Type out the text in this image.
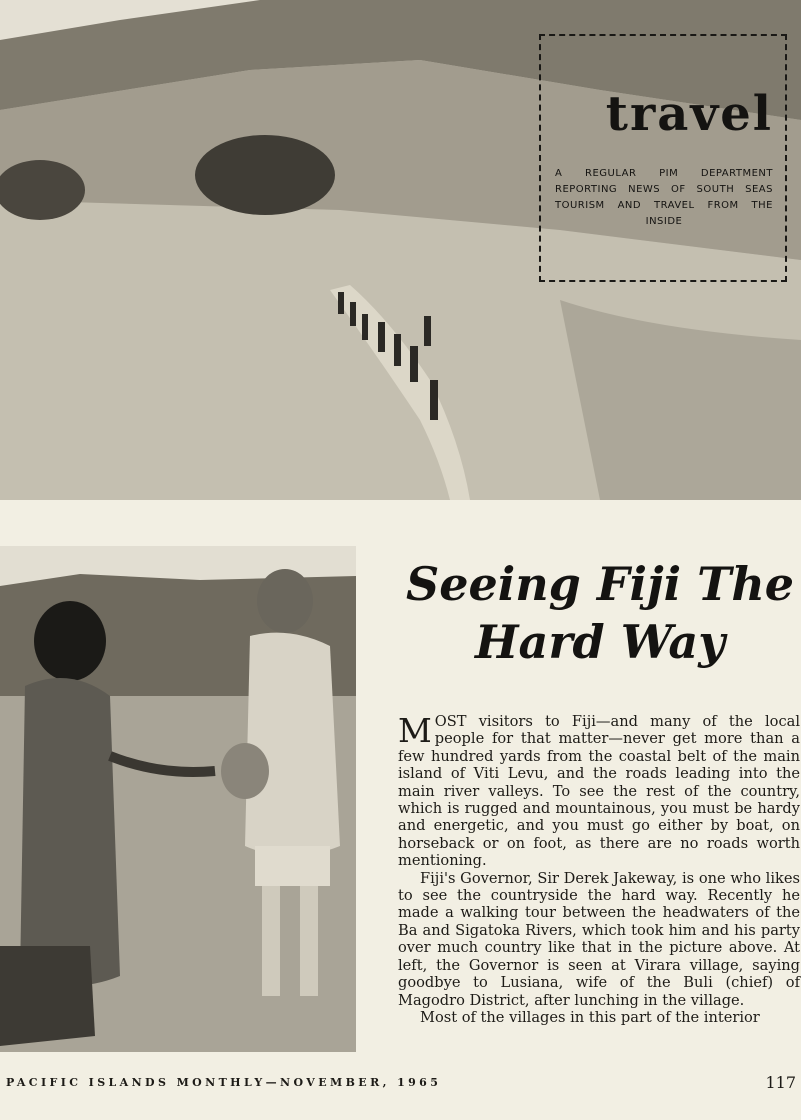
travel
A REGULAR PIM DEPARTMENT REPORTING NEWS OF SOUTH SEAS TOURISM AND TRAVEL FROM THE INSIDE
Seeing Fiji The
Hard Way

MOST visitors to Fiji—and many of the local people for that matter—never get more than a few hundred yards from the coastal belt of the main island of Viti Levu, and the roads leading into the main river valleys. To see the rest of the country, which is rugged and mountainous, you must be hardy and energetic, and you must go either by boat, on horseback or on foot, as there are no roads worth mentioning.

Fiji's Governor, Sir Derek Jakeway, is one who likes to see the countryside the hard way. Recently he made a walking tour between the headwaters of the Ba and Sigatoka Rivers, which took him and his party over much country like that in the picture above. At left, the Governor is seen at Virara village, saying goodbye to Lusiana, wife of the Buli (chief) of Magodro District, after lunching in the village.

Most of the villages in this part of the interior

PACIFIC ISLANDS MONTHLY—NOVEMBER, 1965	117
